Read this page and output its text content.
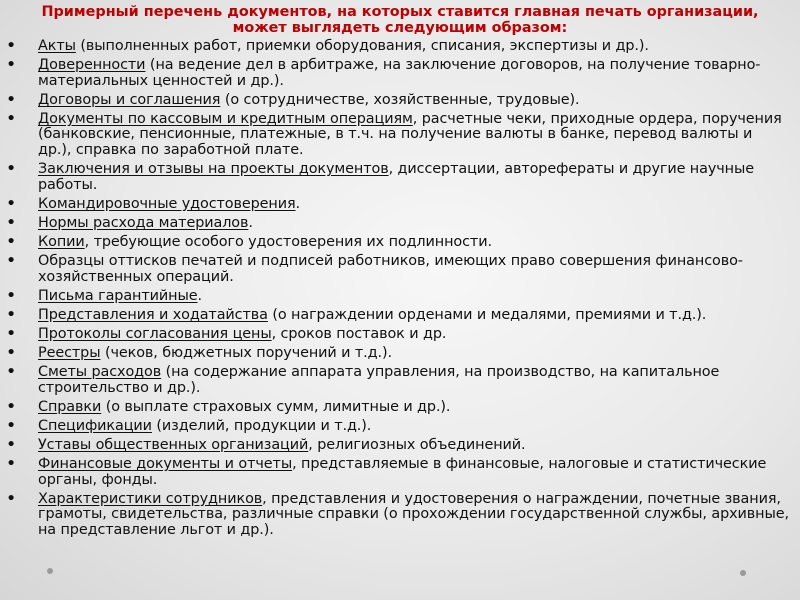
Примерный перечень документов, на которых ставится главная печать организации,
может выглядеть следующим образом:
• Акты (выполненных работ, приемки оборудования, списания, экспертизы и др.).
• Доверенности (на ведение дел в арбитраже, на заключение договоров, на получение товарно-материальных ценностей и др.).
• Договоры и соглашения (о сотрудничестве, хозяйственные, трудовые).
• Документы по кассовым и кредитным операциям, расчетные чеки, приходные ордера, поручения (банковские, пенсионные, платежные, в т.ч. на получение валюты в банке, перевод валюты и др.), справка по заработной плате.
• Заключения и отзывы на проекты документов, диссертации, авторефераты и другие научные работы.
• Командировочные удостоверения.
• Нормы расхода материалов.
• Копии, требующие особого удостоверения их подлинности.
• Образцы оттисков печатей и подписей работников, имеющих право совершения финансово-хозяйственных операций.
• Письма гарантийные.
• Представления и ходатайства (о награждении орденами и медалями, премиями и т.д.).
• Протоколы согласования цены, сроков поставок и др.
• Реестры (чеков, бюджетных поручений и т.д.).
• Сметы расходов (на содержание аппарата управления, на производство, на капитальное строительство и др.).
• Справки (о выплате страховых сумм, лимитные и др.).
• Спецификации (изделий, продукции и т.д.).
• Уставы общественных организаций, религиозных объединений.
• Финансовые документы и отчеты, представляемые в финансовые, налоговые и статистические органы, фонды.
• Характеристики сотрудников, представления и удостоверения о награждении, почетные звания, грамоты, свидетельства, различные справки (о прохождении государственной службы, архивные, на представление льгот и др.).
